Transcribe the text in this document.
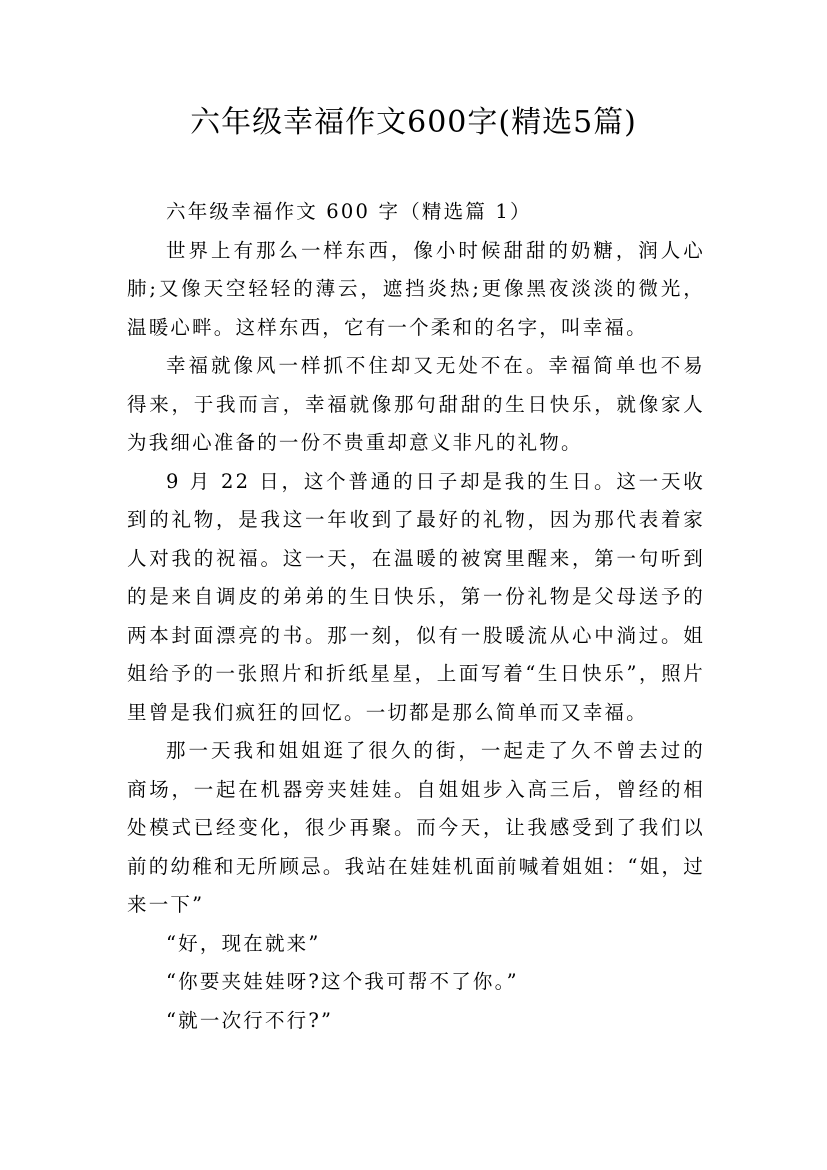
六年级幸福作文600字(精选5篇)

六年级幸福作文 600 字（精选篇 1）

世界上有那么一样东西，像小时候甜甜的奶糖，润人心肺;又像天空轻轻的薄云，遮挡炎热;更像黑夜淡淡的微光，温暖心畔。这样东西，它有一个柔和的名字，叫幸福。

幸福就像风一样抓不住却又无处不在。幸福简单也不易得来，于我而言，幸福就像那句甜甜的生日快乐，就像家人为我细心准备的一份不贵重却意义非凡的礼物。

9 月 22 日，这个普通的日子却是我的生日。这一天收到的礼物，是我这一年收到了最好的礼物，因为那代表着家人对我的祝福。这一天，在温暖的被窝里醒来，第一句听到的是来自调皮的弟弟的生日快乐，第一份礼物是父母送予的两本封面漂亮的书。那一刻，似有一股暖流从心中淌过。姐姐给予的一张照片和折纸星星，上面写着“生日快乐”，照片里曾是我们疯狂的回忆。一切都是那么简单而又幸福。

那一天我和姐姐逛了很久的街，一起走了久不曾去过的商场，一起在机器旁夹娃娃。自姐姐步入高三后，曾经的相处模式已经变化，很少再聚。而今天，让我感受到了我们以前的幼稚和无所顾忌。我站在娃娃机面前喊着姐姐：“姐，过来一下”

“好，现在就来”

“你要夹娃娃呀?这个我可帮不了你。”

“就一次行不行?”
